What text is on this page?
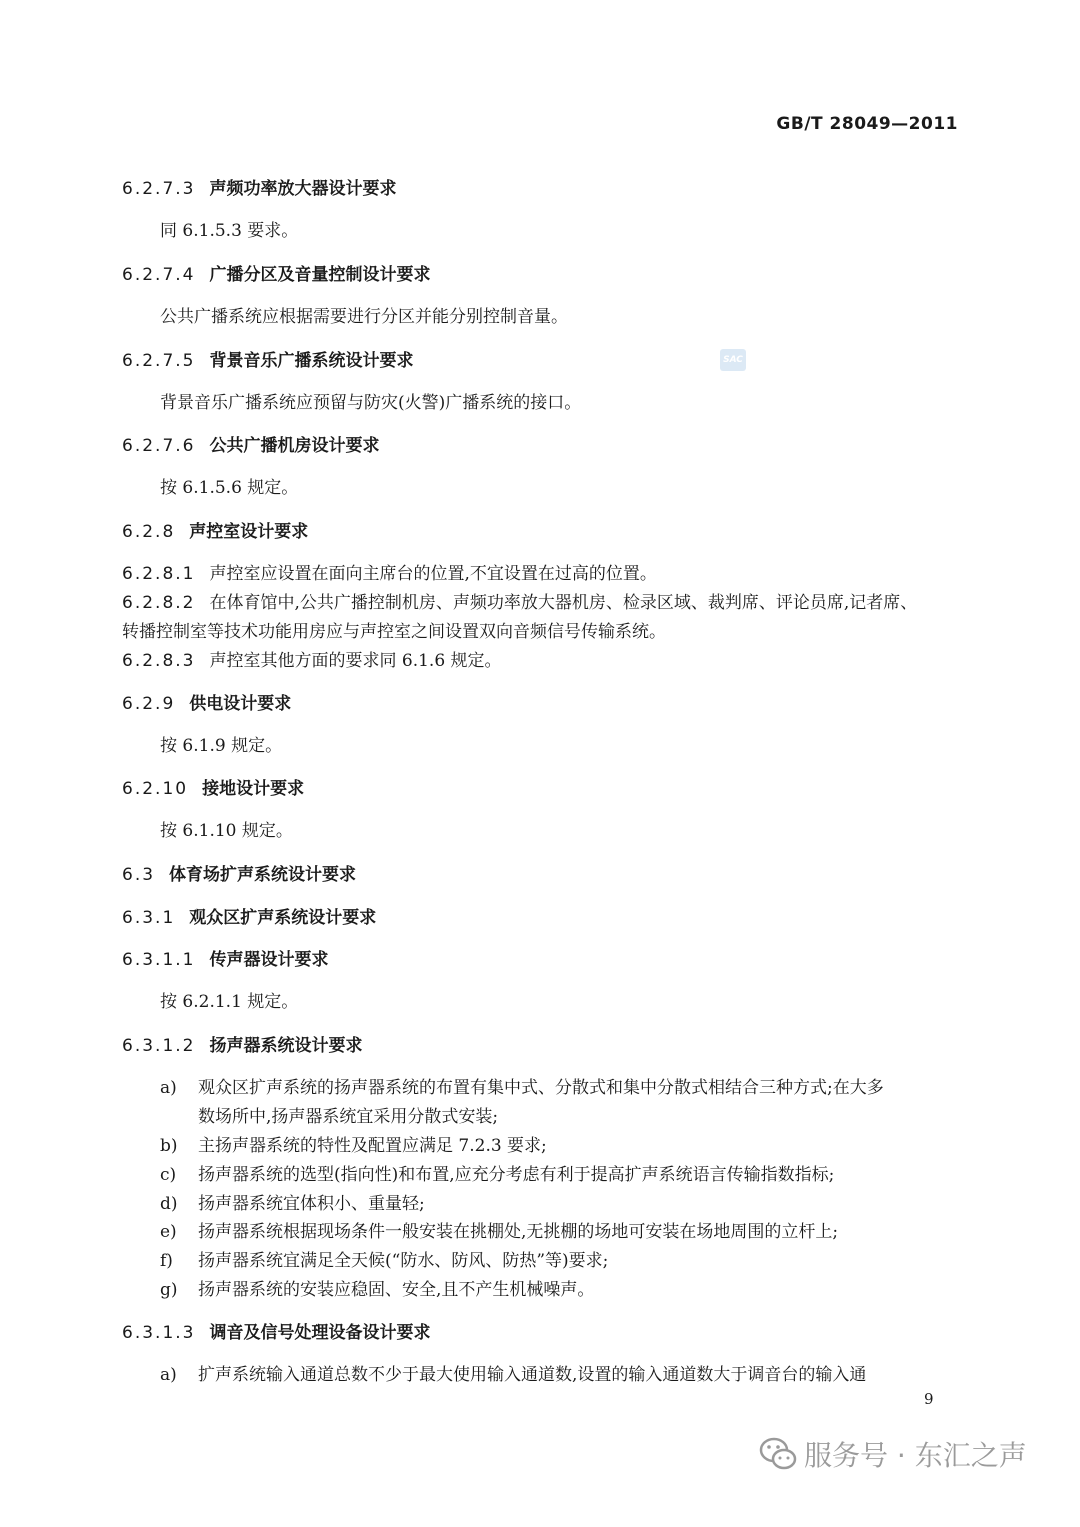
GB/T 28049—2011
SAC
6.2.7.3 声频功率放大器设计要求
同 6.1.5.3 要求。
6.2.7.4 广播分区及音量控制设计要求
公共广播系统应根据需要进行分区并能分别控制音量。
6.2.7.5 背景音乐广播系统设计要求
背景音乐广播系统应预留与防灾(火警)广播系统的接口。
6.2.7.6 公共广播机房设计要求
按 6.1.5.6 规定。
6.2.8 声控室设计要求
6.2.8.1 声控室应设置在面向主席台的位置,不宜设置在过高的位置。
6.2.8.2 在体育馆中,公共广播控制机房、声频功率放大器机房、检录区域、裁判席、评论员席,记者席、
转播控制室等技术功能用房应与声控室之间设置双向音频信号传输系统。
6.2.8.3 声控室其他方面的要求同 6.1.6 规定。
6.2.9 供电设计要求
按 6.1.9 规定。
6.2.10 接地设计要求
按 6.1.10 规定。
6.3 体育场扩声系统设计要求
6.3.1 观众区扩声系统设计要求
6.3.1.1 传声器设计要求
按 6.2.1.1 规定。
6.3.1.2 扬声器系统设计要求
a) 观众区扩声系统的扬声器系统的布置有集中式、分散式和集中分散式相结合三种方式;在大多
数场所中,扬声器系统宜采用分散式安装;
b) 主扬声器系统的特性及配置应满足 7.2.3 要求;
c) 扬声器系统的选型(指向性)和布置,应充分考虑有利于提高扩声系统语言传输指数指标;
d) 扬声器系统宜体积小、重量轻;
e) 扬声器系统根据现场条件一般安装在挑棚处,无挑棚的场地可安装在场地周围的立杆上;
f) 扬声器系统宜满足全天候(“防水、防风、防热”等)要求;
g) 扬声器系统的安装应稳固、安全,且不产生机械噪声。
6.3.1.3 调音及信号处理设备设计要求
a) 扩声系统输入通道总数不少于最大使用输入通道数,设置的输入通道数大于调音台的输入通
9
服务号 · 东汇之声
